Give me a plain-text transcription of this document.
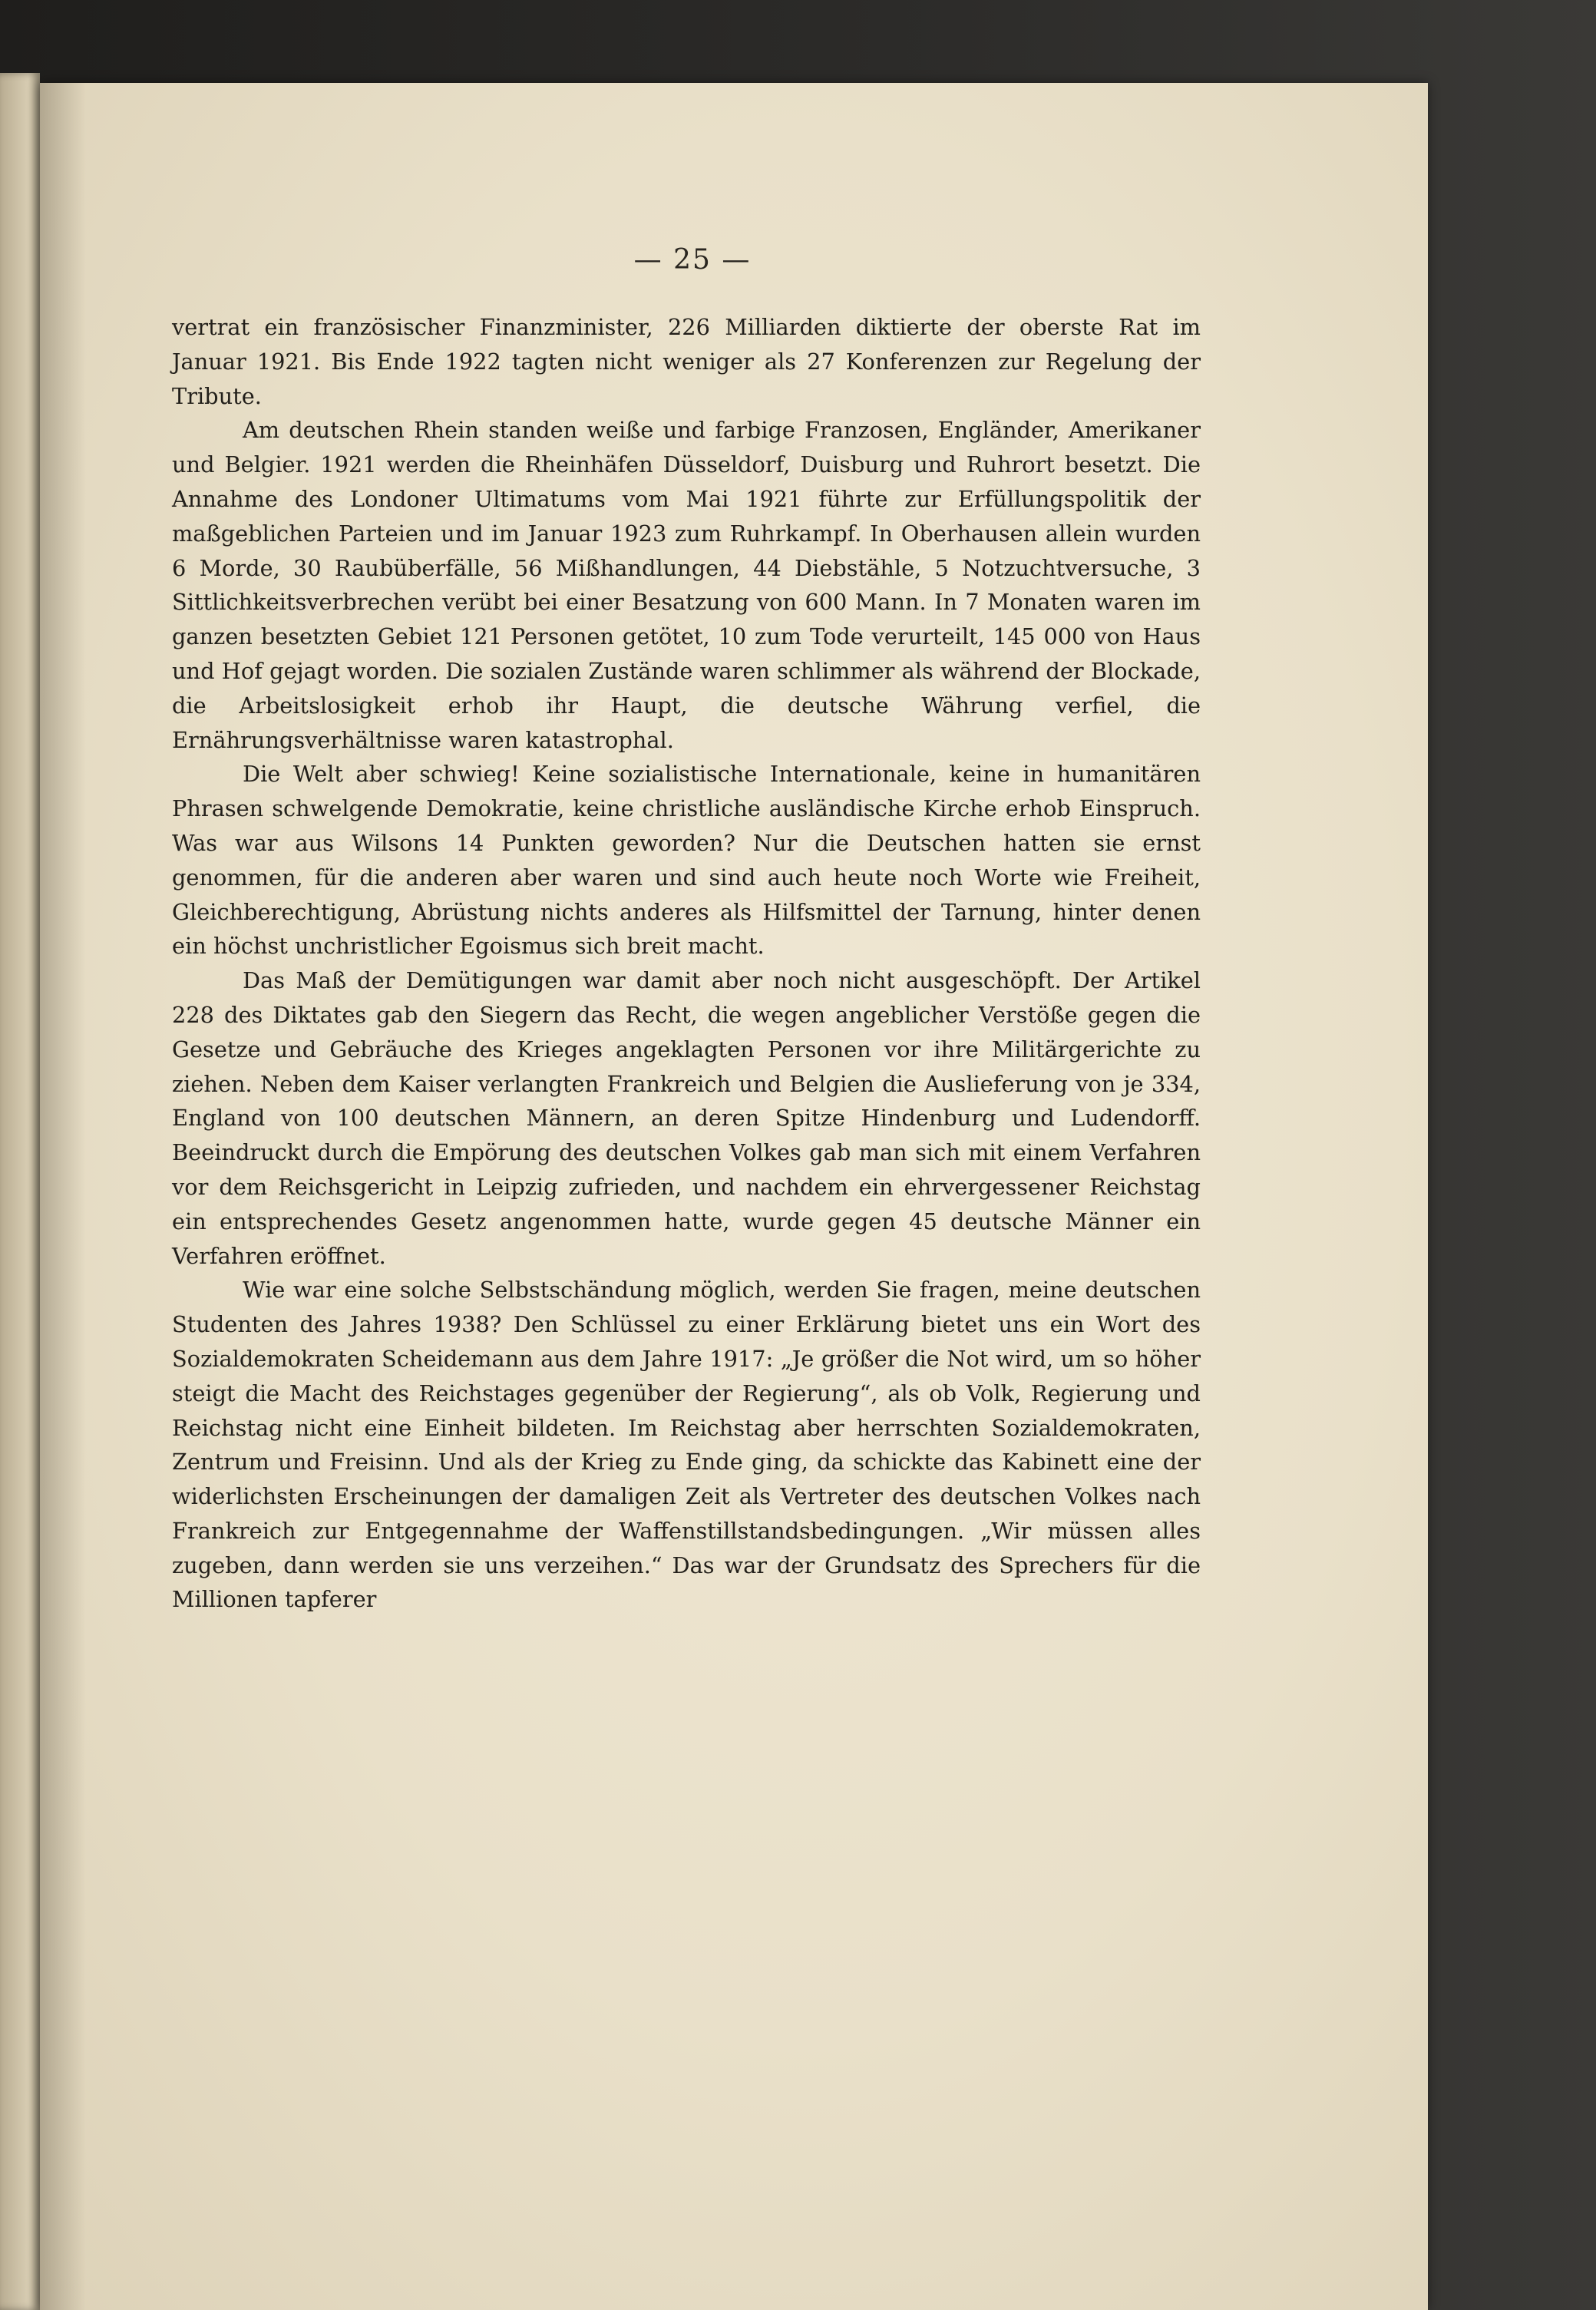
— 25 —

vertrat ein französischer Finanzminister, 226 Milliarden diktierte der oberste Rat im Januar 1921. Bis Ende 1922 tagten nicht weniger als 27 Konferenzen zur Regelung der Tribute.

Am deutschen Rhein standen weiße und farbige Franzosen, Engländer, Amerikaner und Belgier. 1921 werden die Rheinhäfen Düsseldorf, Duisburg und Ruhrort besetzt. Die Annahme des Londoner Ultimatums vom Mai 1921 führte zur Erfüllungspolitik der maßgeblichen Parteien und im Januar 1923 zum Ruhrkampf. In Oberhausen allein wurden 6 Morde, 30 Raubüberfälle, 56 Mißhandlungen, 44 Diebstähle, 5 Notzuchtversuche, 3 Sittlichkeitsverbrechen verübt bei einer Besatzung von 600 Mann. In 7 Monaten waren im ganzen besetzten Gebiet 121 Personen getötet, 10 zum Tode verurteilt, 145 000 von Haus und Hof gejagt worden. Die sozialen Zustände waren schlimmer als während der Blockade, die Arbeitslosigkeit erhob ihr Haupt, die deutsche Währung verfiel, die Ernährungsverhältnisse waren katastrophal.

Die Welt aber schwieg! Keine sozialistische Internationale, keine in humanitären Phrasen schwelgende Demokratie, keine christliche ausländische Kirche erhob Einspruch. Was war aus Wilsons 14 Punkten geworden? Nur die Deutschen hatten sie ernst genommen, für die anderen aber waren und sind auch heute noch Worte wie Freiheit, Gleichberechtigung, Abrüstung nichts anderes als Hilfsmittel der Tarnung, hinter denen ein höchst unchristlicher Egoismus sich breit macht.

Das Maß der Demütigungen war damit aber noch nicht ausgeschöpft. Der Artikel 228 des Diktates gab den Siegern das Recht, die wegen angeblicher Verstöße gegen die Gesetze und Gebräuche des Krieges angeklagten Personen vor ihre Militärgerichte zu ziehen. Neben dem Kaiser verlangten Frankreich und Belgien die Auslieferung von je 334, England von 100 deutschen Männern, an deren Spitze Hindenburg und Ludendorff. Beeindruckt durch die Empörung des deutschen Volkes gab man sich mit einem Verfahren vor dem Reichsgericht in Leipzig zufrieden, und nachdem ein ehrvergessener Reichstag ein entsprechendes Gesetz angenommen hatte, wurde gegen 45 deutsche Männer ein Verfahren eröffnet.

Wie war eine solche Selbstschändung möglich, werden Sie fragen, meine deutschen Studenten des Jahres 1938? Den Schlüssel zu einer Erklärung bietet uns ein Wort des Sozialdemokraten Scheidemann aus dem Jahre 1917: „Je größer die Not wird, um so höher steigt die Macht des Reichstages gegenüber der Regierung“, als ob Volk, Regierung und Reichstag nicht eine Einheit bildeten. Im Reichstag aber herrschten Sozialdemokraten, Zentrum und Freisinn. Und als der Krieg zu Ende ging, da schickte das Kabinett eine der widerlichsten Erscheinungen der damaligen Zeit als Vertreter des deutschen Volkes nach Frankreich zur Entgegennahme der Waffenstillstandsbedingungen. „Wir müssen alles zugeben, dann werden sie uns verzeihen.“ Das war der Grundsatz des Sprechers für die Millionen tapferer
